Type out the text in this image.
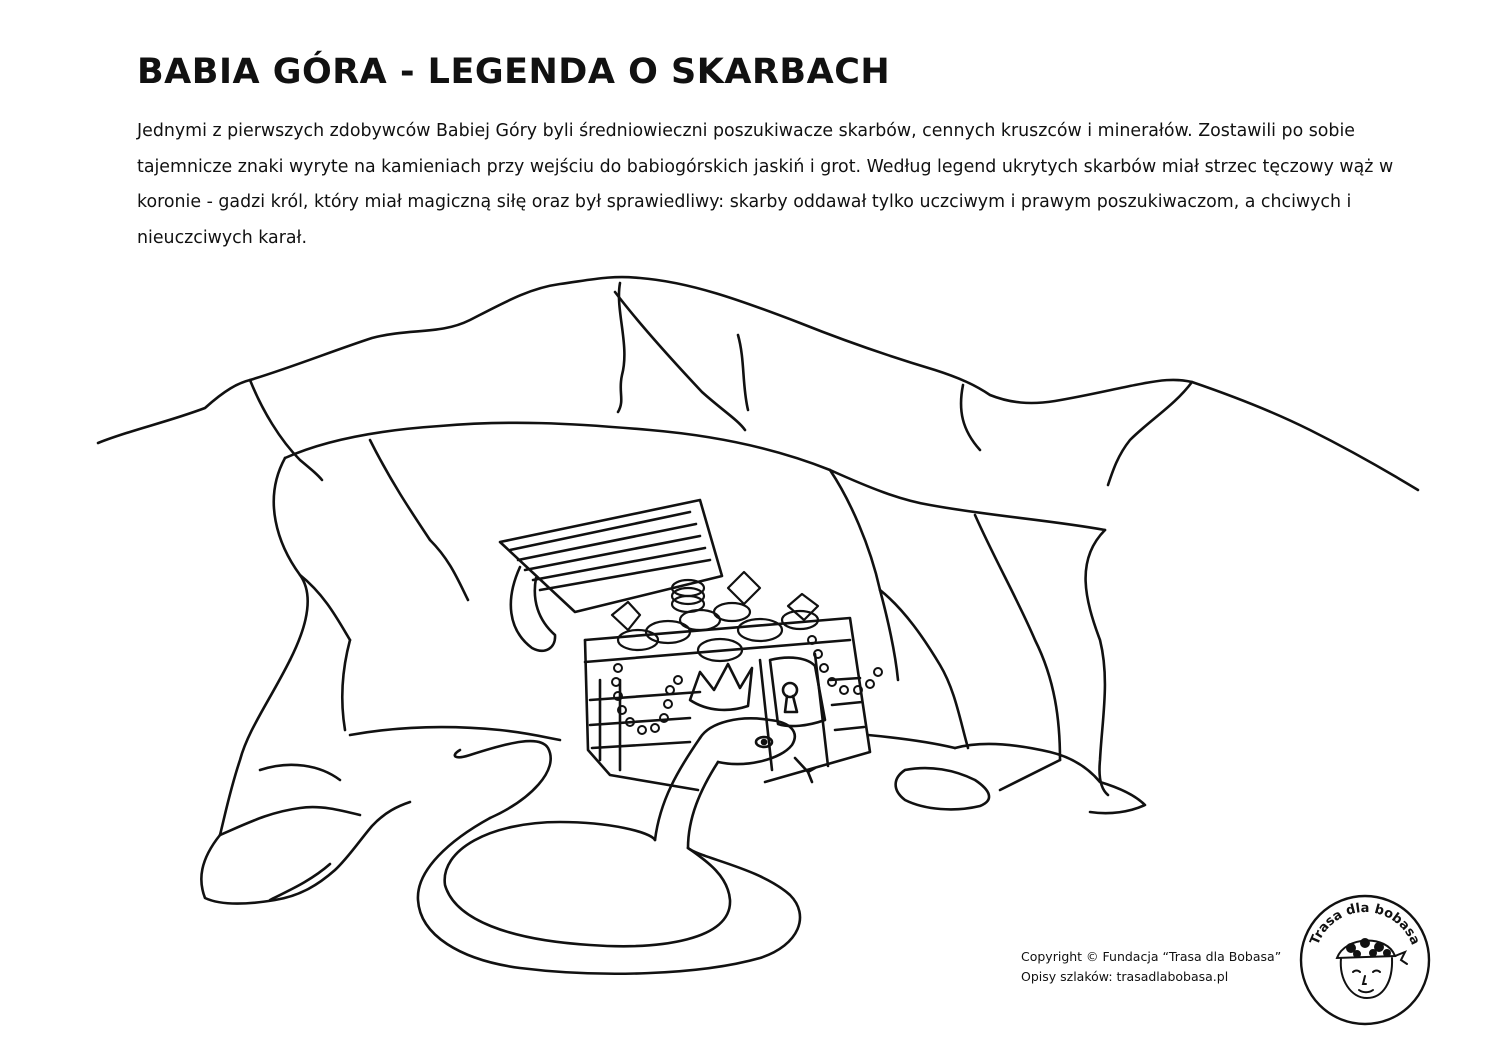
BABIA GÓRA - LEGENDA O SKARBACH

Jednymi z pierwszych zdobywców Babiej Góry byli średniowieczni poszukiwacze skarbów, cennych kruszców i minerałów. Zostawili po sobie tajemnicze znaki wyryte na kamieniach przy wejściu do babiogórskich jaskiń i grot. Według legend ukrytych skarbów miał strzec tęczowy wąż w koronie - gadzi król, który miał magiczną siłę oraz był sprawiedliwy: skarby oddawał tylko uczciwym i prawym poszukiwaczom, a chciwych i nieuczciwych karał.

Copyright © Fundacja “Trasa dla Bobasa”
Opisy szlaków: trasadlabobasa.pl

Trasa dla bobasa
